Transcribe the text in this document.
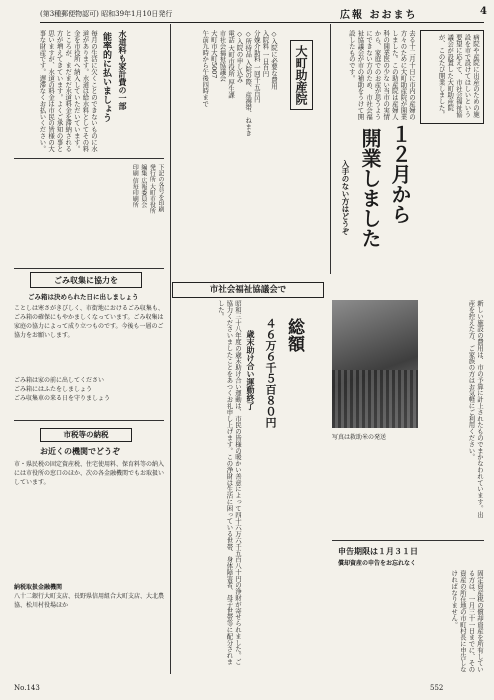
(第3種郵便物認可) 昭和39年1月10日発行	広報 おおまち	4
水道料も家計費の一部
能率的に払いましょう
毎月の生活に欠くことのできないものに水道があります。水道は給水料としてその料金を市役所へ納入していただいています。ところが、まだまだ水道料金を滞納される方が増えてきています。よくご承知の事と思いますが、水道の料金は市民の皆様の大事な財産です。遅滞なくお払いください。
下記の各号を印刷
発行所 大町市役所
編集 広報委員会
印刷 信毎印刷所
ごみ収集に協力を
ごみ箱は決められた日に出しましょう
ことしは寒さがきびしく、市街地におけるごみ収集も、ごみ箱の確保にもやかましくなっています。ごみ収集は家庭の協力によって成り立つものです。今後も一層のご協力をお願いします。
ごみ箱は家の前に出してください
ごみ箱にはふたをしましょう
ごみ収集車の来る日を守りましょう
市税等の納税
お近くの機関でどうぞ
市・県民税の固定資産税、住宅使用料、保育料等の納入には市役所の窓口のほか、次の各金融機関でもお取扱いしています。
納税取扱金融機関
八十二銀行大町支店、長野県信用組合大町支店、大北農協、松川村役場ほか
大町助産院
◇入院に必要な費用
入院料 一日百円
分娩介助料 一回千五百円
◇所持品 入院の際、産褥帯、ねまき
◇入院の申し込み
電話 大町市役所 厚生課
市社会福祉協議会
大町市大町5007
午前九時から午後四時まで
市社会福祉協議会で
総額
４６万６千５百８０円
歳末助け合い運動終了
昭和三十八年度の歳末助け合い運動は、市民の皆様の暖かい善意によって四十六万六千五百八十円の浄財が寄せられました。ご協力くださいましたことをあつくお礼申し上げます。この浄財は生活に困っている世帯、身体障害者、母子世帯等に配分されました。
病院や産院に出産のための施設を市で設けてほしいという要望に応えて、市社会福祉協議会が設置した大町助産院が、このたび開業しました。
１２月から
開業しました
入手のない方はどうぞ
去る十二月十日に市内の産婦の方々のために大町助産院が開業しました。この助産院は産婦人科の開業医の少ない当市の実情から、家庭でのお産が思うようにできない方のため、市社会福祉協議会が市の補助をうけて開設したものです。
写真は救助米の発送	新しい施設の費用は、市の予算に計上されたものでまかなわれています。出産を控えた方、ご家族の方はお気軽にご利用ください。
申告期限は１月３１日
償却資産の申告をお忘れなく
固定資産税の償却資産を所有している方は、一月三十一日までに、その資産の所在地の市町村長に申告しなければなりません。
No.143	552
